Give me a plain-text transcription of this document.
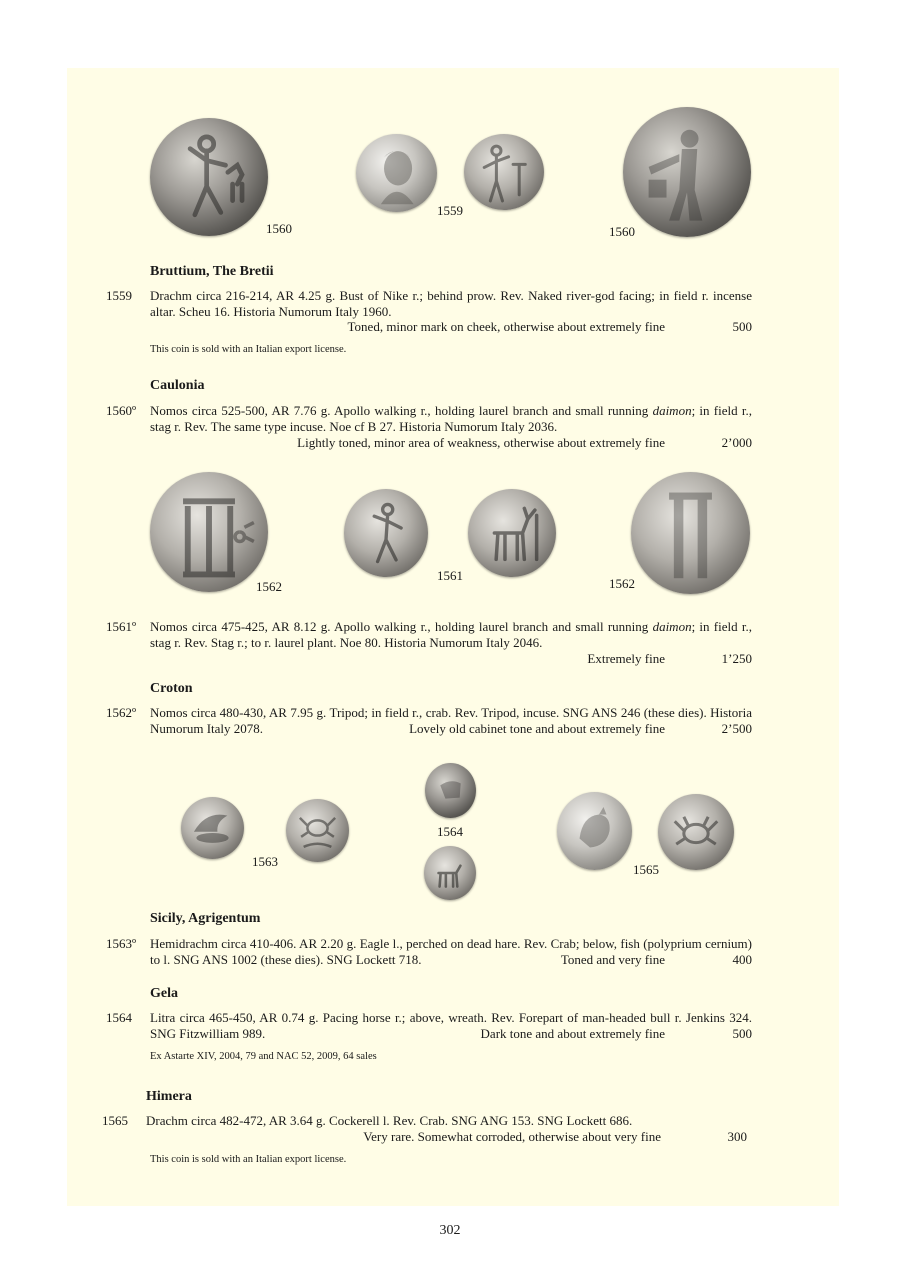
1560
1559
1560
Bruttium, The Bretii
1559 Drachm circa 216-214, AR 4.25 g. Bust of Nike r.; behind prow. Rev. Naked river-god facing; in field r. incense altar. Scheu 16. Historia Numorum Italy 1960.
Toned, minor mark on cheek, otherwise about extremely fine	500
This coin is sold with an Italian export license.
Caulonia
1560º Nomos circa 525-500, AR 7.76 g. Apollo walking r., holding laurel branch and small running daimon; in field r., stag r. Rev. The same type incuse. Noe cf B 27. Historia Numorum Italy 2036.
Lightly toned, minor area of weakness, otherwise about extremely fine	2’000
1562
1561
1562
1561º Nomos circa 475-425, AR 8.12 g. Apollo walking r., holding laurel branch and small running daimon; in field r., stag r. Rev. Stag r.; to r. laurel plant. Noe 80. Historia Numorum Italy 2046.
Extremely fine	1’250
Croton
1562º Nomos circa 480-430, AR 7.95 g. Tripod; in field r., crab. Rev. Tripod, incuse. SNG ANS 246 (these dies). Historia Numorum Italy 2078.	Lovely old cabinet tone and about extremely fine	2’500
1563
1564
1565
Sicily, Agrigentum
1563º Hemidrachm circa 410-406. AR 2.20 g. Eagle l., perched on dead hare. Rev. Crab; below, fish (polyprium cernium) to l. SNG ANS 1002 (these dies). SNG Lockett 718.	Toned and very fine	400
Gela
1564 Litra circa 465-450, AR 0.74 g. Pacing horse r.; above, wreath. Rev. Forepart of man-headed bull r. Jenkins 324. SNG Fitzwilliam 989.	Dark tone and about extremely fine	500
Ex Astarte XIV, 2004, 79 and NAC 52, 2009, 64 sales
Himera
1565 Drachm circa 482-472, AR 3.64 g. Cockerell l. Rev. Crab. SNG ANG 153. SNG Lockett 686.
Very rare. Somewhat corroded, otherwise about very fine	300
This coin is sold with an Italian export license.
302
